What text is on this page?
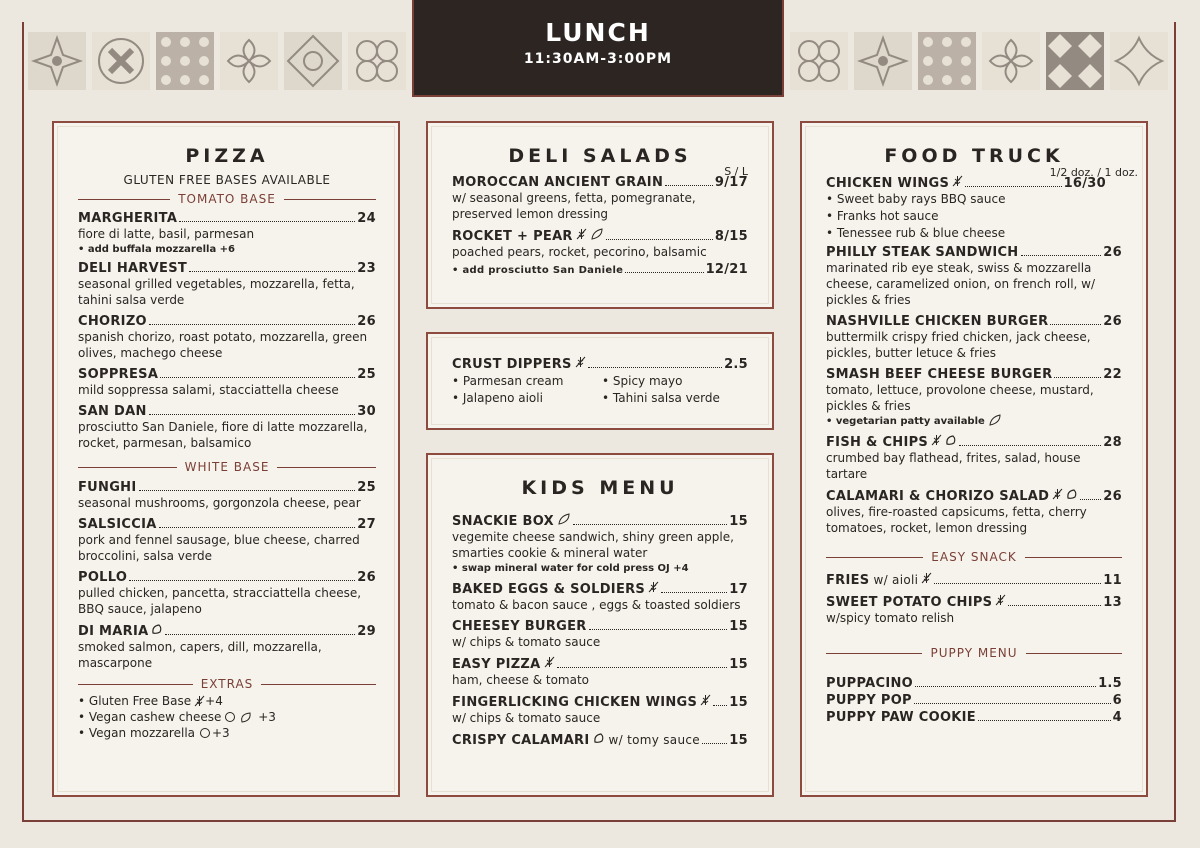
LUNCH
11:30AM-3:00PM
PIZZA
GLUTEN FREE BASES AVAILABLE
TOMATO BASE
MARGHERITA	24
fiore di latte, basil, parmesan
• add buffala mozzarella +6
DELI HARVEST	23
seasonal grilled vegetables, mozzarella, fetta, tahini salsa verde
CHORIZO	26
spanish chorizo, roast potato, mozzarella, green olives, machego cheese
SOPPRESA	25
mild soppressa salami, stacciattella cheese
SAN DAN	30
prosciutto San Daniele, fiore di latte mozzarella, rocket, parmesan, balsamico
WHITE BASE
FUNGHI	25
seasonal mushrooms, gorgonzola cheese, pear
SALSICCIA	27
pork and fennel sausage, blue cheese, charred broccolini, salsa verde
POLLO	26
pulled chicken, pancetta, stracciattella cheese, BBQ sauce, jalapeno
DI MARIA	29
smoked salmon, capers, dill, mozzarella, mascarpone
EXTRAS
• Gluten Free Base +4
• Vegan cashew cheese	+3
• Vegan mozzarella +3
DELI SALADS
S / L
MOROCCAN ANCIENT GRAIN	9/17
w/ seasonal greens, fetta, pomegranate, preserved lemon dressing
ROCKET + PEAR	8/15
poached pears, rocket, pecorino, balsamic
• add prosciutto San Daniele	12/21
CRUST DIPPERS	2.5
• Parmesan cream	• Spicy mayo
• Jalapeno aioli	• Tahini salsa verde
KIDS MENU
SNACKIE BOX	15
vegemite cheese sandwich, shiny green apple, smarties cookie & mineral water
• swap mineral water for cold press OJ +4
BAKED EGGS & SOLDIERS	17
tomato & bacon sauce , eggs & toasted soldiers
CHEESEY BURGER	15
w/ chips & tomato sauce
EASY PIZZA	15
ham, cheese & tomato
FINGERLICKING CHICKEN WINGS 15
w/ chips & tomato sauce
CRISPY CALAMARI w/ tomy sauce 15
FOOD TRUCK
1/2 doz. / 1 doz.
CHICKEN WINGS	16/30
• Sweet baby rays BBQ sauce
• Franks hot sauce
• Tenessee rub & blue cheese
PHILLY STEAK SANDWICH	26
marinated rib eye steak, swiss & mozzarella cheese, caramelized onion, on french roll, w/ pickles & fries
NASHVILLE CHICKEN BURGER	26
buttermilk crispy fried chicken, jack cheese, pickles, butter letuce & fries
SMASH BEEF CHEESE BURGER	22
tomato, lettuce, provolone cheese, mustard, pickles & fries
• vegetarian patty available
FISH & CHIPS	28
crumbed bay flathead, frites, salad, house tartare
CALAMARI & CHORIZO SALAD	26
olives, fire-roasted capsicums, fetta, cherry tomatoes, rocket, lemon dressing
EASY SNACK
FRIES w/ aioli	11
SWEET POTATO CHIPS	13
w/spicy tomato relish
PUPPY MENU
PUPPACINO	1.5
PUPPY POP	6
PUPPY PAW COOKIE	4
